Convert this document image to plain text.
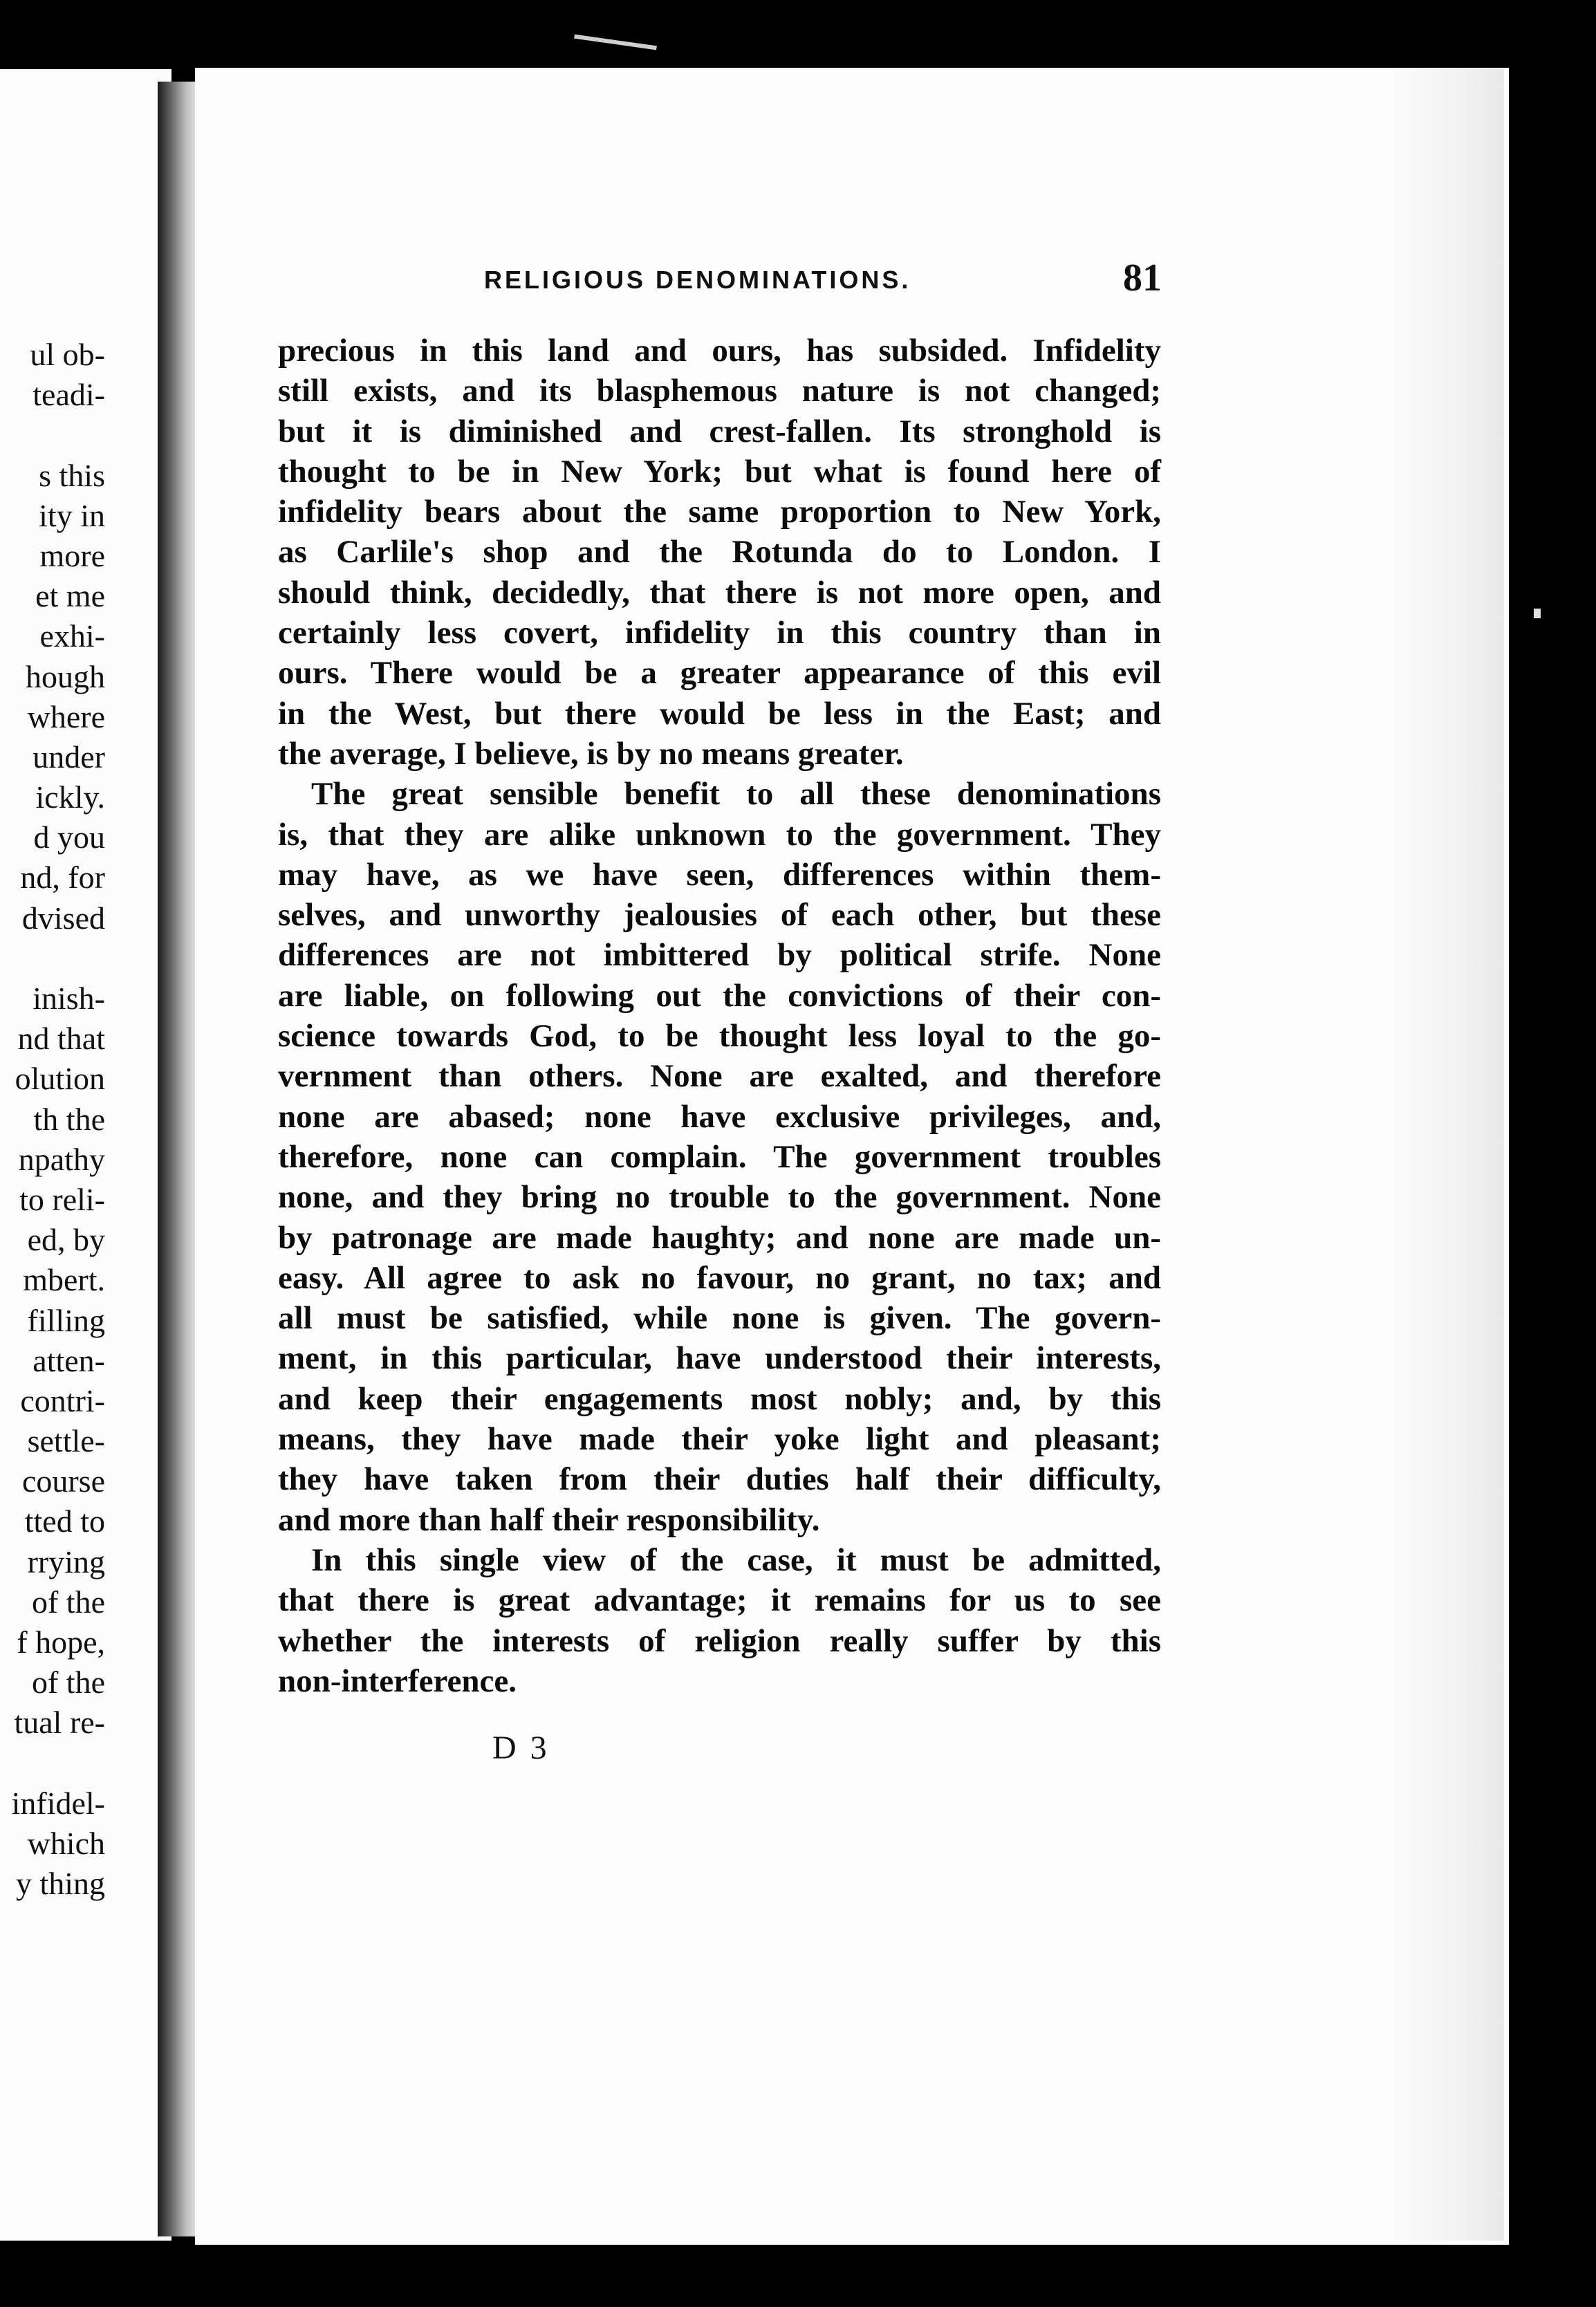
ul ob-
teadi-
s this
ity in
more
et me
exhi-
hough
where
under
ickly.
d you
nd, for
dvised
inish-
nd that
olution
th the
npathy
to reli-
ed, by
mbert.
filling
atten-
contri-
settle-
course
tted to
rrying
of the
f hope,
of the
tual re-
infidel-
which
y thing
RELIGIOUS DENOMINATIONS.	81
precious in this land and ours, has subsided. Infidelity
still exists, and its blasphemous nature is not changed;
but it is diminished and crest-fallen. Its stronghold is
thought to be in New York; but what is found here of
infidelity bears about the same proportion to New York,
as Carlile's shop and the Rotunda do to London. I
should think, decidedly, that there is not more open, and
certainly less covert, infidelity in this country than in
ours. There would be a greater appearance of this evil
in the West, but there would be less in the East; and
the average, I believe, is by no means greater.
The great sensible benefit to all these denominations
is, that they are alike unknown to the government. They
may have, as we have seen, differences within them-
selves, and unworthy jealousies of each other, but these
differences are not imbittered by political strife. None
are liable, on following out the convictions of their con-
science towards God, to be thought less loyal to the go-
vernment than others. None are exalted, and therefore
none are abased; none have exclusive privileges, and,
therefore, none can complain. The government troubles
none, and they bring no trouble to the government. None
by patronage are made haughty; and none are made un-
easy. All agree to ask no favour, no grant, no tax; and
all must be satisfied, while none is given. The govern-
ment, in this particular, have understood their interests,
and keep their engagements most nobly; and, by this
means, they have made their yoke light and pleasant;
they have taken from their duties half their difficulty,
and more than half their responsibility.
In this single view of the case, it must be admitted,
that there is great advantage; it remains for us to see
whether the interests of religion really suffer by this
non-interference.
D 3
